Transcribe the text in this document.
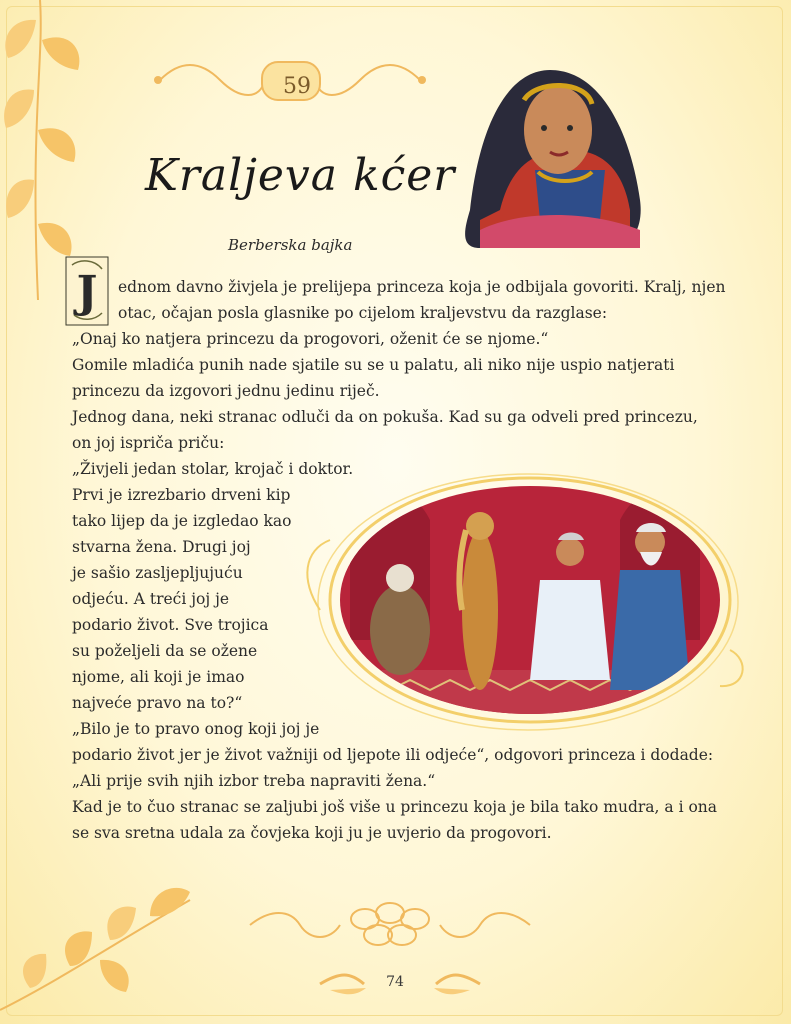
59
Kraljeva kćer
Berberska bajka
J ednom davno živjela je prelijepa princeza koja je odbijala govoriti. Kralj, njen
otac, očajan posla glasnike po cijelom kraljevstvu da razglase:
„Onaj ko natjera princezu da progovori, oženit će se njome.“
Gomile mladića punih nade sjatile su se u palatu, ali niko nije uspio natjerati
princezu da izgovori jednu jedinu riječ.
Jednog dana, neki stranac odluči da on pokuša. Kad su ga odveli pred princezu,
on joj ispriča priču:
„Živjeli jedan stolar, krojač i doktor.
Prvi je izrezbario drveni kip
tako lijep da je izgledao kao
stvarna žena. Drugi joj
je sašio zasljepljujuću
odjeću. A treći joj je
podario život. Sve trojica
su poželjeli da se ožene
njome, ali koji je imao
najveće pravo na to?“
„Bilo je to pravo onog koji joj je
podario život jer je život važniji od ljepote ili odjeće“, odgovori princeza i dodade:
„Ali prije svih njih izbor treba napraviti žena.“
Kad je to čuo stranac se zaljubi još više u princezu koja je bila tako mudra, a i ona
se sva sretna udala za čovjeka koji ju je uvjerio da progovori.
74
